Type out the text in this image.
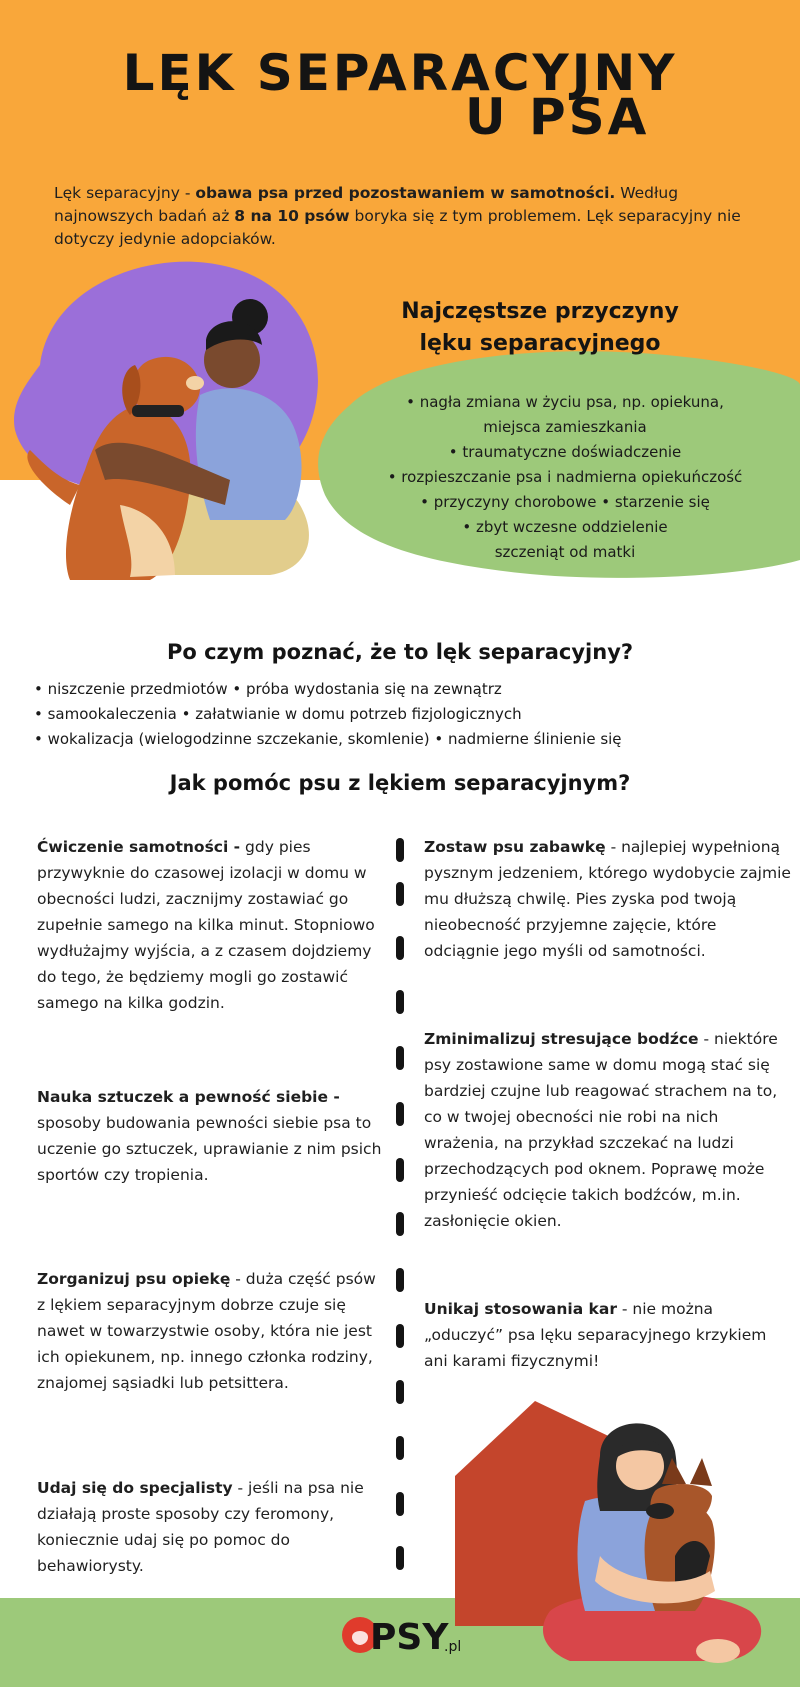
LĘK SEPARACYJNY
U PSA

Lęk separacyjny - obawa psa przed pozostawaniem w samotności. Według najnowszych badań aż 8 na 10 psów boryka się z tym problemem. Lęk separacyjny nie dotyczy jedynie adopciaków.

Najczęstsze przyczyny
lęku separacyjnego
• nagła zmiana w życiu psa, np. opiekuna,
miejsca zamieszkania
• traumatyczne doświadczenie
• rozpieszczanie psa i nadmierna opiekuńczość
• przyczyny chorobowe • starzenie się
• zbyt wczesne oddzielenie
szczeniąt od matki
Po czym poznać, że to lęk separacyjny?
• niszczenie przedmiotów • próba wydostania się na zewnątrz
• samookaleczenia • załatwianie w domu potrzeb fizjologicznych
• wokalizacja (wielogodzinne szczekanie, skomlenie) • nadmierne ślinienie się
Jak pomóc psu z lękiem separacyjnym?

Ćwiczenie samotności - gdy pies przywyknie do czasowej izolacji w domu w obecności ludzi, zacznijmy zostawiać go zupełnie samego na kilka minut. Stopniowo wydłużajmy wyjścia, a z czasem dojdziemy do tego, że będziemy mogli go zostawić samego na kilka godzin.

Nauka sztuczek a pewność siebie - sposoby budowania pewności siebie psa to uczenie go sztuczek, uprawianie z nim psich sportów czy tropienia.

Zorganizuj psu opiekę - duża część psów z lękiem separacyjnym dobrze czuje się nawet w towarzystwie osoby, która nie jest ich opiekunem, np. innego członka rodziny, znajomej sąsiadki lub petsittera.

Udaj się do specjalisty - jeśli na psa nie działają proste sposoby czy feromony, koniecznie udaj się po pomoc do behawiorysty.

Zostaw psu zabawkę - najlepiej wypełnioną pysznym jedzeniem, którego wydobycie zajmie mu dłuższą chwilę. Pies zyska pod twoją nieobecność przyjemne zajęcie, które odciągnie jego myśli od samotności.

Zminimalizuj stresujące bodźce - niektóre psy zostawione same w domu mogą stać się bardziej czujne lub reagować strachem na to, co w twojej obecności nie robi na nich wrażenia, na przykład szczekać na ludzi przechodzących pod oknem. Poprawę może przynieść odcięcie takich bodźców, m.in. zasłonięcie okien.

Unikaj stosowania kar - nie można „oduczyć” psa lęku separacyjnego krzykiem ani karami fizycznymi!

PSY
.pl
